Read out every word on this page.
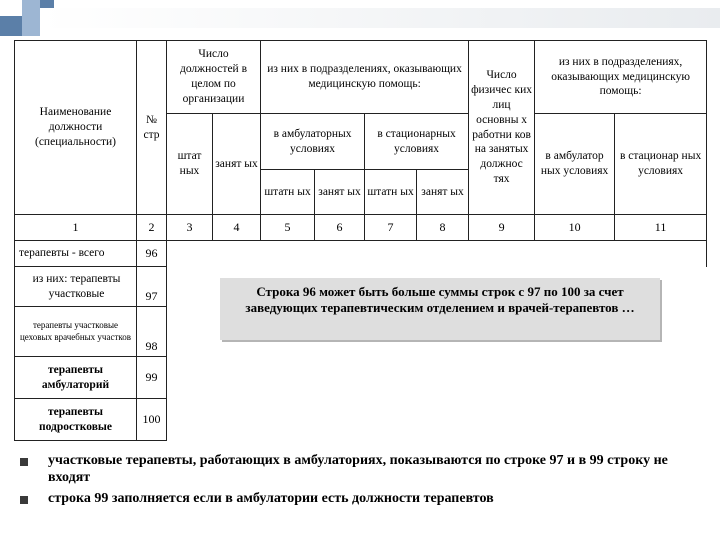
Наименование должности (специальности)	№ стр	Число должностей в целом по организации		из них в подразделениях, оказывающих медицинскую помощь:				Число физичес ких лиц основны х работни ков на занятых должнос тях	из них в подразделениях, оказывающих медицинскую помощь:	
		штат ных	занят ых	в амбулаторных условиях		в стационарных условиях			в амбулатор ных условиях	в стационар ных условиях
				штатн ых	занят ых	штатн ых	занят ых			
1	2	3	4	5	6	7	8	9	10	11
терапевты - всего	96									
из них: терапевты участковые	97									
терапевты участковые цеховых врачебных участков	98									
терапевты амбулаторий	99									
терапевты подростковые	100									
Строка 96 может быть больше суммы строк с 97 по 100 за счет заведующих терапевтическим отделением и врачей-терапевтов …
участковые терапевты, работающих в амбулаториях, показываются по строке 97 и в 99 строку не входят
строка 99 заполняется если в амбулатории есть должности терапевтов
